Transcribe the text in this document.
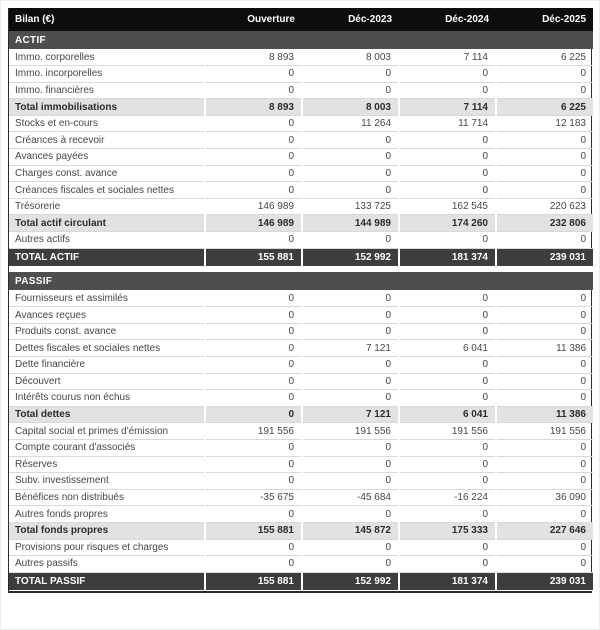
Bilan (€)	Ouverture	Déc-2023	Déc-2024	Déc-2025
ACTIF				
Immo. corporelles	8 893	8 003	7 114	6 225
Immo. incorporelles	0	0	0	0
Immo. financières	0	0	0	0
Total immobilisations	8 893	8 003	7 114	6 225
Stocks et en-cours	0	11 264	11 714	12 183
Créances à recevoir	0	0	0	0
Avances payées	0	0	0	0
Charges const. avance	0	0	0	0
Créances fiscales et sociales nettes	0	0	0	0
Trésorerie	146 989	133 725	162 545	220 623
Total actif circulant	146 989	144 989	174 260	232 806
Autres actifs	0	0	0	0
TOTAL ACTIF	155 881	152 992	181 374	239 031

PASSIF				
Fournisseurs et assimilés	0	0	0	0
Avances reçues	0	0	0	0
Produits const. avance	0	0	0	0
Dettes fiscales et sociales nettes	0	7 121	6 041	11 386
Dette financière	0	0	0	0
Découvert	0	0	0	0
Intérêts courus non échus	0	0	0	0
Total dettes	0	7 121	6 041	11 386
Capital social et primes d'émission	191 556	191 556	191 556	191 556
Compte courant d'associés	0	0	0	0
Réserves	0	0	0	0
Subv. investissement	0	0	0	0
Bénéfices non distribués	-35 675	-45 684	-16 224	36 090
Autres fonds propres	0	0	0	0
Total fonds propres	155 881	145 872	175 333	227 646
Provisions pour risques et charges	0	0	0	0
Autres passifs	0	0	0	0
TOTAL PASSIF	155 881	152 992	181 374	239 031
